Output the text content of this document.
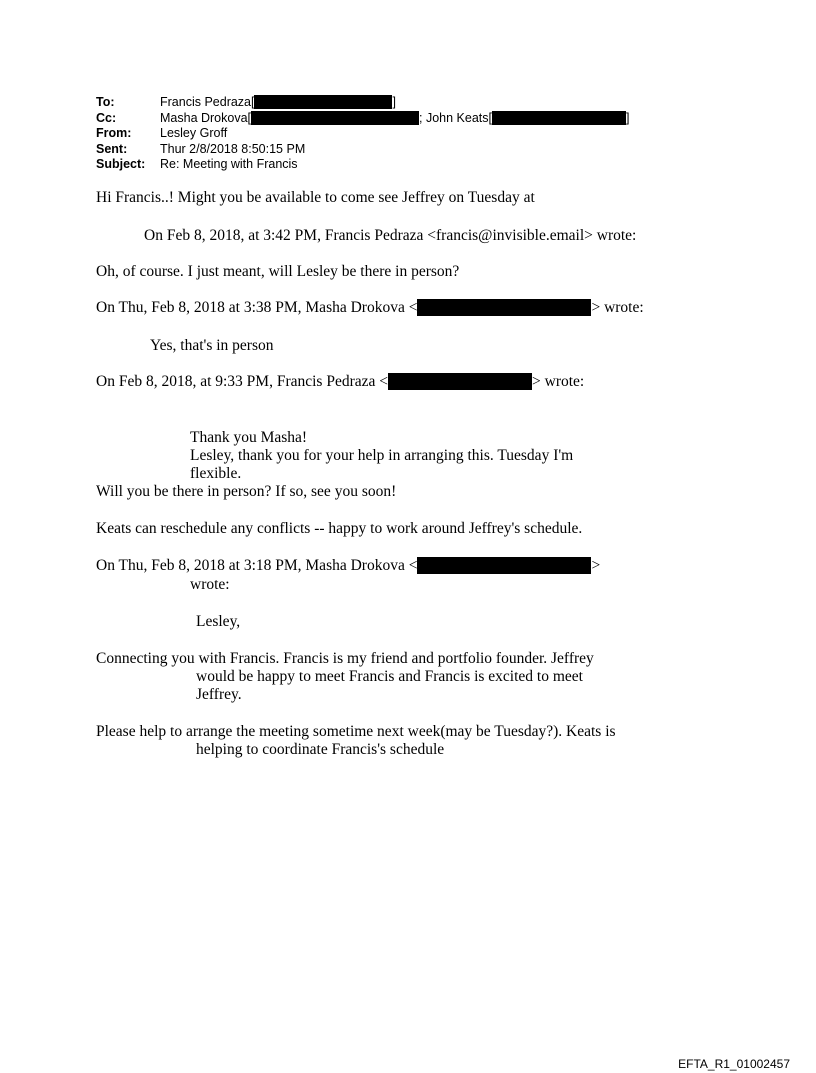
To:	Francis Pedraza[	]
Cc:	Masha Drokova[	; John Keats[	]
From:	Lesley Groff
Sent:	Thur 2/8/2018 8:50:15 PM
Subject:	Re: Meeting with Francis
Hi Francis..! Might you be available to come see Jeffrey on Tuesday at
On Feb 8, 2018, at 3:42 PM, Francis Pedraza <francis@invisible.email> wrote:
Oh, of course. I just meant, will Lesley be there in person?
On Thu, Feb 8, 2018 at 3:38 PM, Masha Drokova <	> wrote:
Yes, that's in person
On Feb 8, 2018, at 9:33 PM, Francis Pedraza <	> wrote:
Thank you Masha!
Lesley, thank you for your help in arranging this. Tuesday I'm
flexible.
Will you be there in person? If so, see you soon!
Keats can reschedule any conflicts -- happy to work around Jeffrey's schedule.
On Thu, Feb 8, 2018 at 3:18 PM, Masha Drokova <	>
wrote:
Lesley,
Connecting you with Francis. Francis is my friend and portfolio founder. Jeffrey
would be happy to meet Francis and Francis is excited to meet
Jeffrey.
Please help to arrange the meeting sometime next week(may be Tuesday?). Keats is
helping to coordinate Francis's schedule
EFTA_R1_01002457
